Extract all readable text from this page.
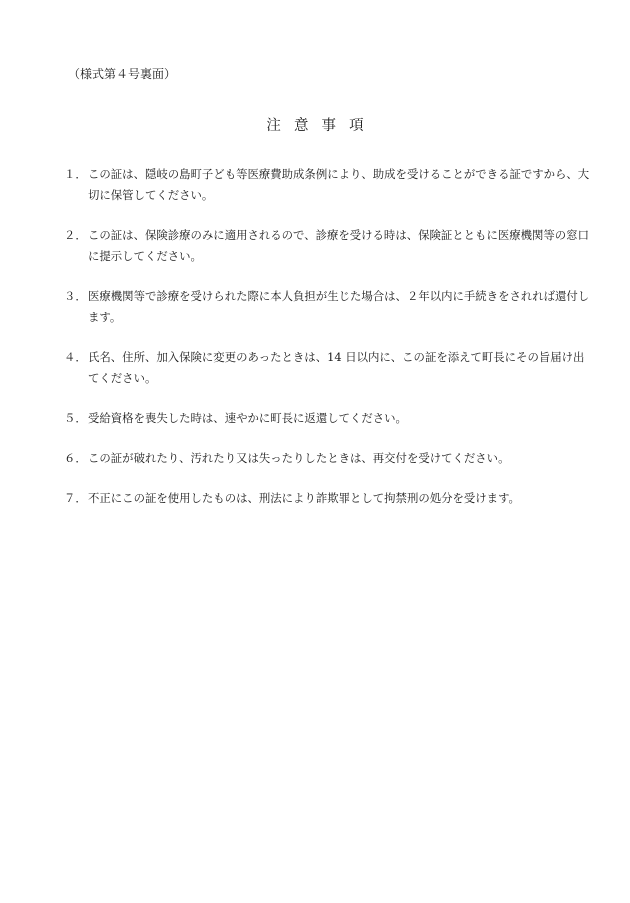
（様式第４号裏面）
注意事項
１． この証は、隠岐の島町子ども等医療費助成条例により、助成を受けることができる証ですから、大切に保管してください。
２． この証は、保険診療のみに適用されるので、診療を受ける時は、保険証とともに医療機関等の窓口に提示してください。
３． 医療機関等で診療を受けられた際に本人負担が生じた場合は、２年以内に手続きをされれば還付します。
４． 氏名、住所、加入保険に変更のあったときは、14 日以内に、この証を添えて町長にその旨届け出てください。
５． 受給資格を喪失した時は、速やかに町長に返還してください。
６． この証が破れたり、汚れたり又は失ったりしたときは、再交付を受けてください。
７． 不正にこの証を使用したものは、刑法により詐欺罪として拘禁刑の処分を受けます。
